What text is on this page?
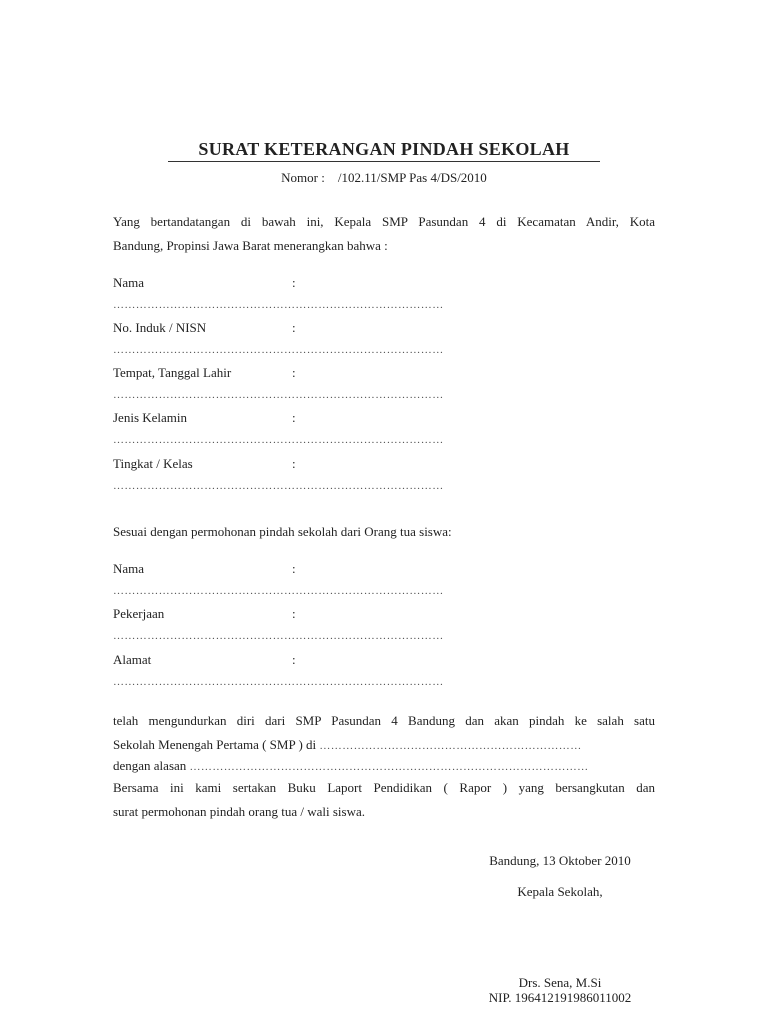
SURAT KETERANGAN PINDAH SEKOLAH
Nomor : /102.11/SMP Pas 4/DS/2010
Yang bertandatangan di bawah ini, Kepala SMP Pasundan 4 di Kecamatan Andir, Kota
Bandung, Propinsi Jawa Barat menerangkan bahwa :
Nama	:
……………………………………………………………………………
No. Induk / NISN	:
……………………………………………………………………………
Tempat, Tanggal Lahir	:
……………………………………………………………………………
Jenis Kelamin	:
……………………………………………………………………………
Tingkat / Kelas	:
……………………………………………………………………………
Sesuai dengan permohonan pindah sekolah dari Orang tua siswa:
Nama	:
……………………………………………………………………………
Pekerjaan	:
……………………………………………………………………………
Alamat	:
……………………………………………………………………………
telah mengundurkan diri dari SMP Pasundan 4 Bandung dan akan pindah ke salah satu
Sekolah Menengah Pertama ( SMP ) di ……………………………………………………………
dengan alasan ……………………………………………………………………………………………
Bersama ini kami sertakan Buku Laport Pendidikan ( Rapor ) yang bersangkutan dan
surat permohonan pindah orang tua / wali siswa.
Bandung, 13 Oktober 2010
Kepala Sekolah,
Drs. Sena, M.Si
NIP. 196412191986011002
